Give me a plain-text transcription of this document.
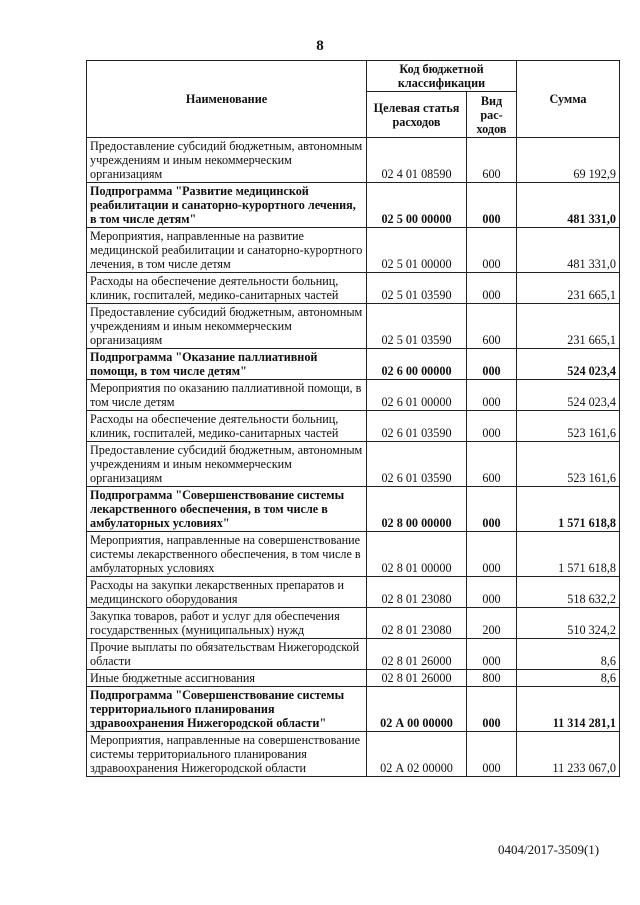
8
Наименование	Код бюджетной классификации		Сумма
	Целевая статья расходов	Вид рас-ходов	
Предоставление субсидий бюджетным, автономным учреждениям и иным некоммерческим организациям	02 4 01 08590	600	69 192,9
Подпрограмма "Развитие медицинской реабилитации и санаторно-курортного лечения, в том числе детям"	02 5 00 00000	000	481 331,0
Мероприятия, направленные на развитие медицинской реабилитации и санаторно-курортного лечения, в том числе детям	02 5 01 00000	000	481 331,0
Расходы на обеспечение деятельности больниц, клиник, госпиталей, медико-санитарных частей	02 5 01 03590	000	231 665,1
Предоставление субсидий бюджетным, автономным учреждениям и иным некоммерческим организациям	02 5 01 03590	600	231 665,1
Подпрограмма "Оказание паллиативной помощи, в том числе детям"	02 6 00 00000	000	524 023,4
Мероприятия по оказанию паллиативной помощи, в том числе детям	02 6 01 00000	000	524 023,4
Расходы на обеспечение деятельности больниц, клиник, госпиталей, медико-санитарных частей	02 6 01 03590	000	523 161,6
Предоставление субсидий бюджетным, автономным учреждениям и иным некоммерческим организациям	02 6 01 03590	600	523 161,6
Подпрограмма "Совершенствование системы лекарственного обеспечения, в том числе в амбулаторных условиях"	02 8 00 00000	000	1 571 618,8
Мероприятия, направленные на совершенствование системы лекарственного обеспечения, в том числе в амбулаторных условиях	02 8 01 00000	000	1 571 618,8
Расходы на закупки лекарственных препаратов и медицинского оборудования	02 8 01 23080	000	518 632,2
Закупка товаров, работ и услуг для обеспечения государственных (муниципальных) нужд	02 8 01 23080	200	510 324,2
Прочие выплаты по обязательствам Нижегородской области	02 8 01 26000	000	8,6
Иные бюджетные ассигнования	02 8 01 26000	800	8,6
Подпрограмма "Совершенствование системы территориального планирования здравоохранения Нижегородской области"	02 А 00 00000	000	11 314 281,1
Мероприятия, направленные на совершенствование системы территориального планирования здравоохранения Нижегородской области	02 А 02 00000	000	11 233 067,0
0404/2017-3509(1)
